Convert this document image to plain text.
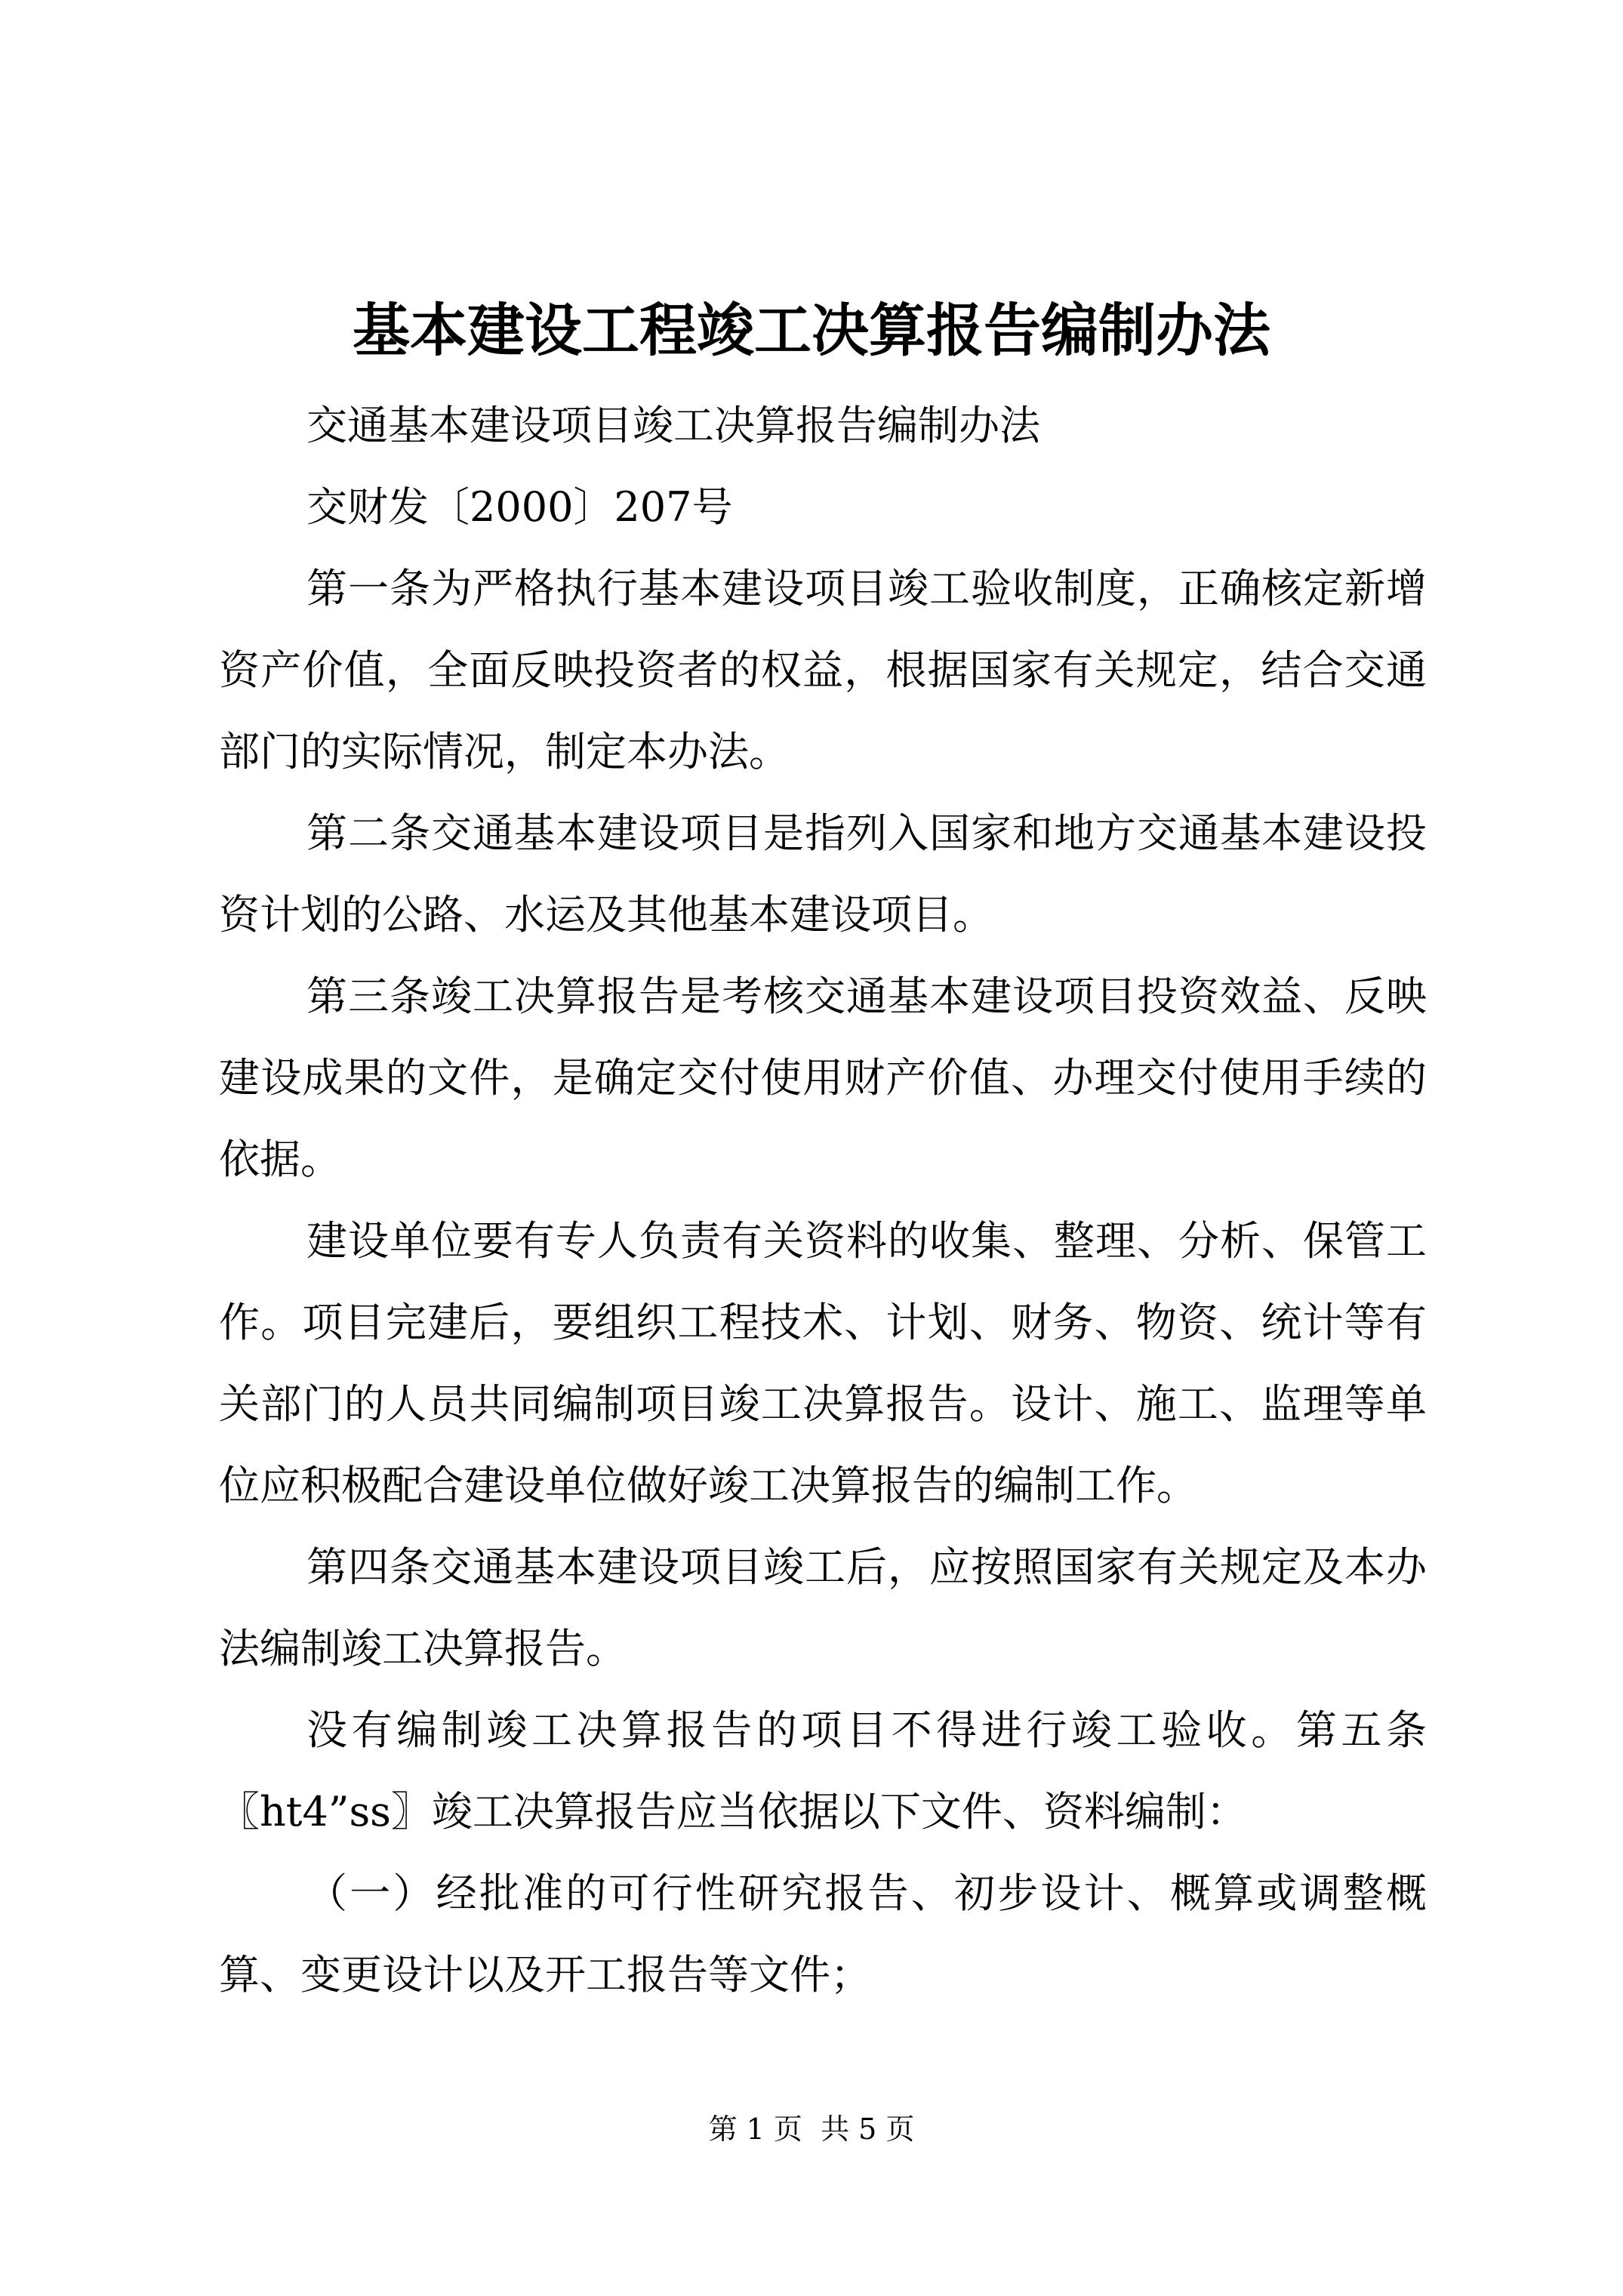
基本建设工程竣工决算报告编制办法

交通基本建设项目竣工决算报告编制办法

交财发〔2000〕207号

第一条为严格执行基本建设项目竣工验收制度，正确核定新增资产价值，全面反映投资者的权益，根据国家有关规定，结合交通部门的实际情况，制定本办法。

第二条交通基本建设项目是指列入国家和地方交通基本建设投资计划的公路、水运及其他基本建设项目。

第三条竣工决算报告是考核交通基本建设项目投资效益、反映建设成果的文件，是确定交付使用财产价值、办理交付使用手续的依据。

建设单位要有专人负责有关资料的收集、整理、分析、保管工作。项目完建后，要组织工程技术、计划、财务、物资、统计等有关部门的人员共同编制项目竣工决算报告。设计、施工、监理等单位应积极配合建设单位做好竣工决算报告的编制工作。

第四条交通基本建设项目竣工后，应按照国家有关规定及本办法编制竣工决算报告。

没有编制竣工决算报告的项目不得进行竣工验收。第五条〖ht4”ss〗竣工决算报告应当依据以下文件、资料编制：

（一）经批准的可行性研究报告、初步设计、概算或调整概算、变更设计以及开工报告等文件；

第 1 页  共 5 页
